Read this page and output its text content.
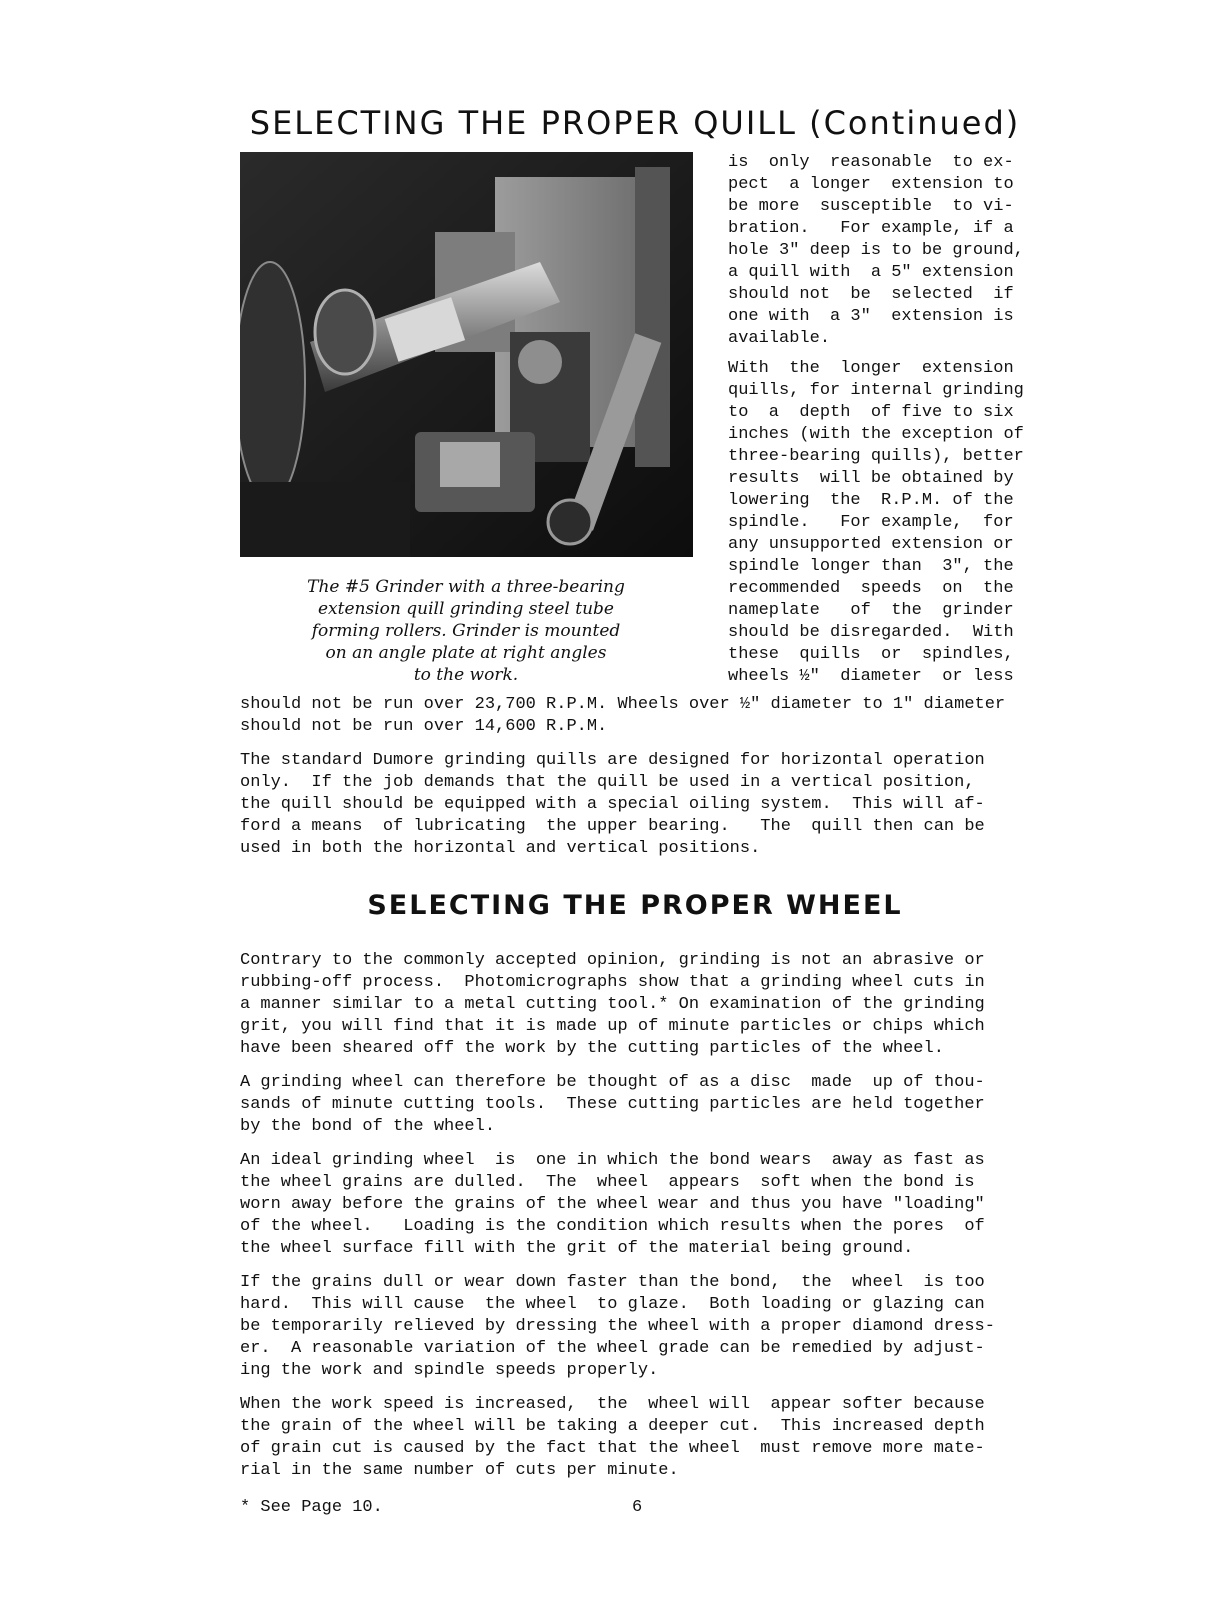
SELECTING THE PROPER QUILL (Continued)

The #5 Grinder with a three-bearing

extension quill grinding steel tube

forming rollers. Grinder is mounted

on an angle plate at right angles

to the work.

is  only  reasonable  to ex-
pect  a longer  extension to
be more  susceptible  to vi-
bration.   For example, if a
hole 3" deep is to be ground,
a quill with  a 5" extension
should not  be  selected  if
one with  a 3"  extension is
available.

With  the  longer  extension
quills, for internal grinding
to  a  depth  of five to six
inches (with the exception of
three-bearing quills), better
results  will be obtained by
lowering  the  R.P.M. of the
spindle.   For example,  for
any unsupported extension or
spindle longer than  3", the
recommended  speeds  on  the
nameplate   of  the  grinder
should be disregarded.  With
these  quills  or  spindles,
wheels ½"  diameter  or less

should not be run over 23,700 R.P.M. Wheels over ½" diameter to 1" diameter
should not be run over 14,600 R.P.M.
The standard Dumore grinding quills are designed for horizontal operation
only.  If the job demands that the quill be used in a vertical position,
the quill should be equipped with a special oiling system.  This will af-
ford a means  of lubricating  the upper bearing.   The  quill then can be
used in both the horizontal and vertical positions.
SELECTING THE PROPER WHEEL
Contrary to the commonly accepted opinion, grinding is not an abrasive or
rubbing-off process.  Photomicrographs show that a grinding wheel cuts in
a manner similar to a metal cutting tool.* On examination of the grinding
grit, you will find that it is made up of minute particles or chips which
have been sheared off the work by the cutting particles of the wheel.
A grinding wheel can therefore be thought of as a disc  made  up of thou-
sands of minute cutting tools.  These cutting particles are held together
by the bond of the wheel.
An ideal grinding wheel  is  one in which the bond wears  away as fast as
the wheel grains are dulled.  The  wheel  appears  soft when the bond is
worn away before the grains of the wheel wear and thus you have "loading"
of the wheel.   Loading is the condition which results when the pores  of
the wheel surface fill with the grit of the material being ground.
If the grains dull or wear down faster than the bond,  the  wheel  is too
hard.  This will cause  the wheel  to glaze.  Both loading or glazing can
be temporarily relieved by dressing the wheel with a proper diamond dress-
er.  A reasonable variation of the wheel grade can be remedied by adjust-
ing the work and spindle speeds properly.
When the work speed is increased,  the  wheel will  appear softer because
the grain of the wheel will be taking a deeper cut.  This increased depth
of grain cut is caused by the fact that the wheel  must remove more mate-
rial in the same number of cuts per minute.
* See Page 10.	6
